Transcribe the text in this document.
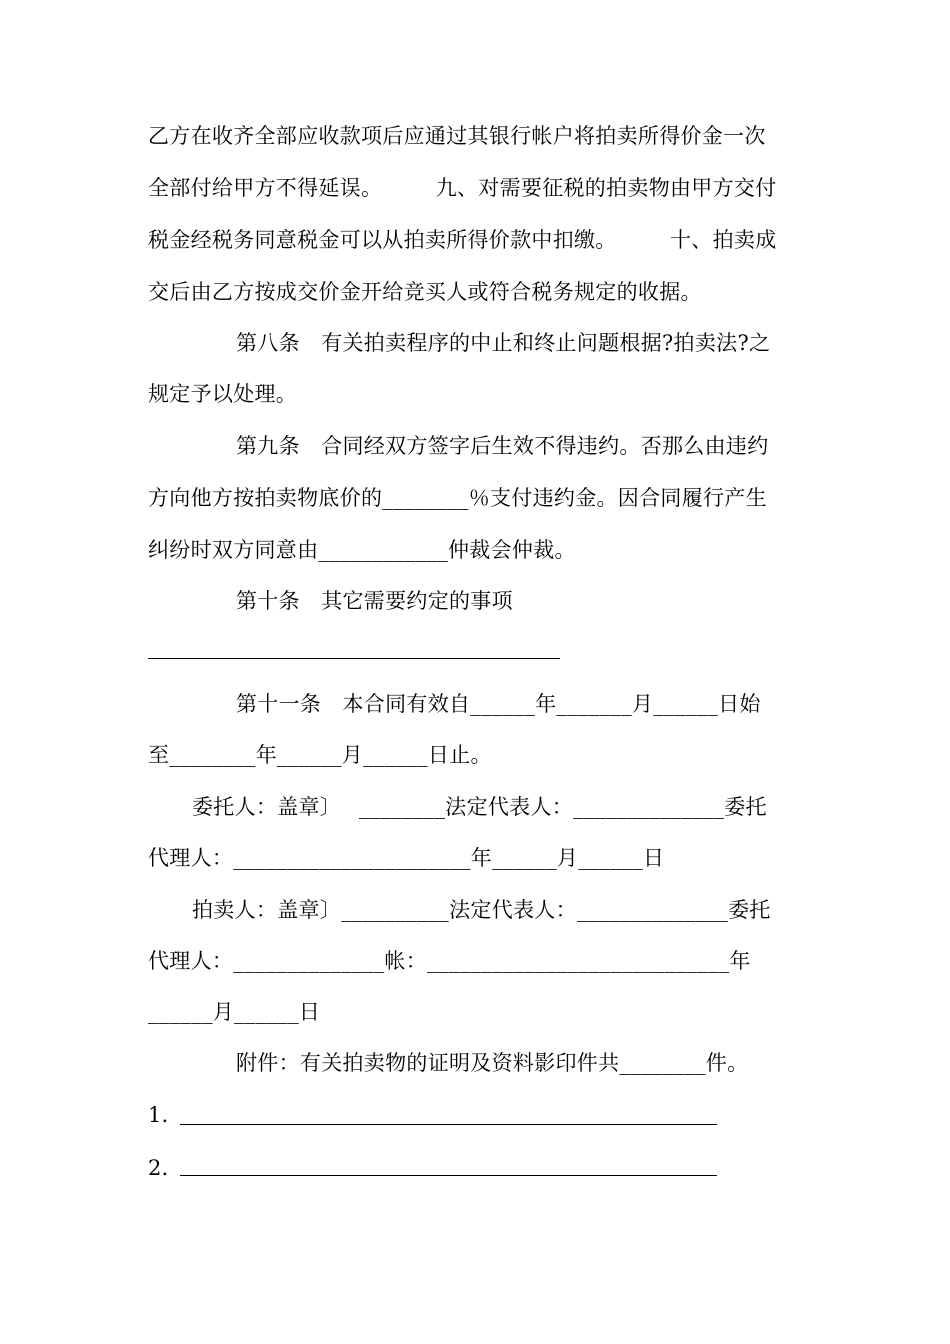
乙方在收齐全部应收款项后应通过其银行帐户将拍卖所得价金一次
全部付给甲方不得延误。　　　九、对需要征税的拍卖物由甲方交付
税金经税务同意税金可以从拍卖所得价款中扣缴。　　　十、拍卖成
交后由乙方按成交价金开给竞买人或符合税务规定的收据。
第八条　有关拍卖程序的中止和终止问题根据?拍卖法?之
规定予以处理。
第九条　合同经双方签字后生效不得违约。否那么由违约
方向他方按拍卖物底价的________％支付违约金。因合同履行产生
纠纷时双方同意由____________仲裁会仲裁。
第十条　其它需要约定的事项
第十一条　本合同有效自______年_______月______日始
至________年______月______日止。
委托人：盖章〕　 ________法定代表人：______________委托
代理人：______________________年______月______日
拍卖人：盖章〕__________法定代表人：______________委托
代理人：______________帐：____________________________年
______月______日
附件：有关拍卖物的证明及资料影印件共________件。
1．
2．
